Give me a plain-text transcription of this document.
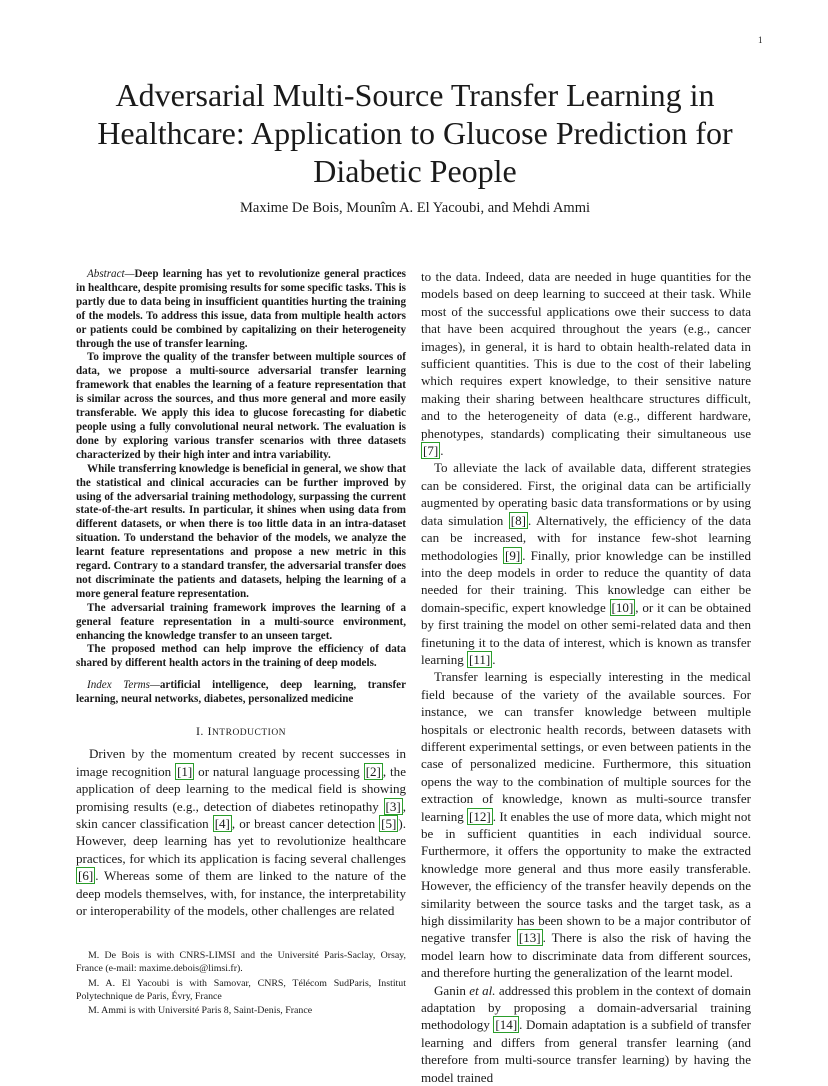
1
Adversarial Multi-Source Transfer Learning in Healthcare: Application to Glucose Prediction for Diabetic People
Maxime De Bois, Mounîm A. El Yacoubi, and Mehdi Ammi

Abstract—Deep learning has yet to revolutionize general practices in healthcare, despite promising results for some specific tasks. This is partly due to data being in insufficient quantities hurting the training of the models. To address this issue, data from multiple health actors or patients could be combined by capitalizing on their heterogeneity through the use of transfer learning.

To improve the quality of the transfer between multiple sources of data, we propose a multi-source adversarial transfer learning framework that enables the learning of a feature representation that is similar across the sources, and thus more general and more easily transferable. We apply this idea to glucose forecasting for diabetic people using a fully convolutional neural network. The evaluation is done by exploring various transfer scenarios with three datasets characterized by their high inter and intra variability.

While transferring knowledge is beneficial in general, we show that the statistical and clinical accuracies can be further improved by using of the adversarial training methodology, surpassing the current state-of-the-art results. In particular, it shines when using data from different datasets, or when there is too little data in an intra-dataset situation. To understand the behavior of the models, we analyze the learnt feature representations and propose a new metric in this regard. Contrary to a standard transfer, the adversarial transfer does not discriminate the patients and datasets, helping the learning of a more general feature representation.

The adversarial training framework improves the learning of a general feature representation in a multi-source environment, enhancing the knowledge transfer to an unseen target.

The proposed method can help improve the efficiency of data shared by different health actors in the training of deep models.

Index Terms—artificial intelligence, deep learning, transfer learning, neural networks, diabetes, personalized medicine
I. INTRODUCTION

Driven by the momentum created by recent successes in image recognition [1] or natural language processing [2] , the application of deep learning to the medical field is showing promising results (e.g., detection of diabetes retinopathy [3] , skin cancer classification [4] , or breast cancer detection [5] ). However, deep learning has yet to revolutionize healthcare practices, for which its application is facing several challenges [6] . Whereas some of them are linked to the nature of the deep models themselves, with, for instance, the interpretability or interoperability of the models, other challenges are related

M. De Bois is with CNRS-LIMSI and the Université Paris-Saclay, Orsay, France (e-mail: maxime.debois@limsi.fr).

M. A. El Yacoubi is with Samovar, CNRS, Télécom SudParis, Institut Polytechnique de Paris, Évry, France

M. Ammi is with Université Paris 8, Saint-Denis, France

to the data. Indeed, data are needed in huge quantities for the models based on deep learning to succeed at their task. While most of the successful applications owe their success to data that have been acquired throughout the years (e.g., cancer images), in general, it is hard to obtain health-related data in sufficient quantities. This is due to the cost of their labeling which requires expert knowledge, to their sensitive nature making their sharing between healthcare structures difficult, and to the heterogeneity of data (e.g., different hardware, phenotypes, standards) complicating their simultaneous use [7] .

To alleviate the lack of available data, different strategies can be considered. First, the original data can be artificially augmented by operating basic data transformations or by using data simulation [8] . Alternatively, the efficiency of the data can be increased, with for instance few-shot learning methodologies [9] . Finally, prior knowledge can be instilled into the deep models in order to reduce the quantity of data needed for their training. This knowledge can either be domain-specific, expert knowledge [10] , or it can be obtained by first training the model on other semi-related data and then finetuning it to the data of interest, which is known as transfer learning [11] .

Transfer learning is especially interesting in the medical field because of the variety of the available sources. For instance, we can transfer knowledge between multiple hospitals or electronic health records, between datasets with different experimental settings, or even between patients in the case of personalized medicine. Furthermore, this situation opens the way to the combination of multiple sources for the extraction of knowledge, known as multi-source transfer learning [12] . It enables the use of more data, which might not be in sufficient quantities in each individual source. Furthermore, it offers the opportunity to make the extracted knowledge more general and thus more easily transferable. However, the efficiency of the transfer heavily depends on the similarity between the source tasks and the target task, as a high dissimilarity has been shown to be a major contributor of negative transfer [13] . There is also the risk of having the model learn how to discriminate data from different sources, and therefore hurting the generalization of the learnt model.

Ganin et al. addressed this problem in the context of domain adaptation by proposing a domain-adversarial training methodology [14] . Domain adaptation is a subfield of transfer learning and differs from general transfer learning (and therefore from multi-source transfer learning) by having the model trained
